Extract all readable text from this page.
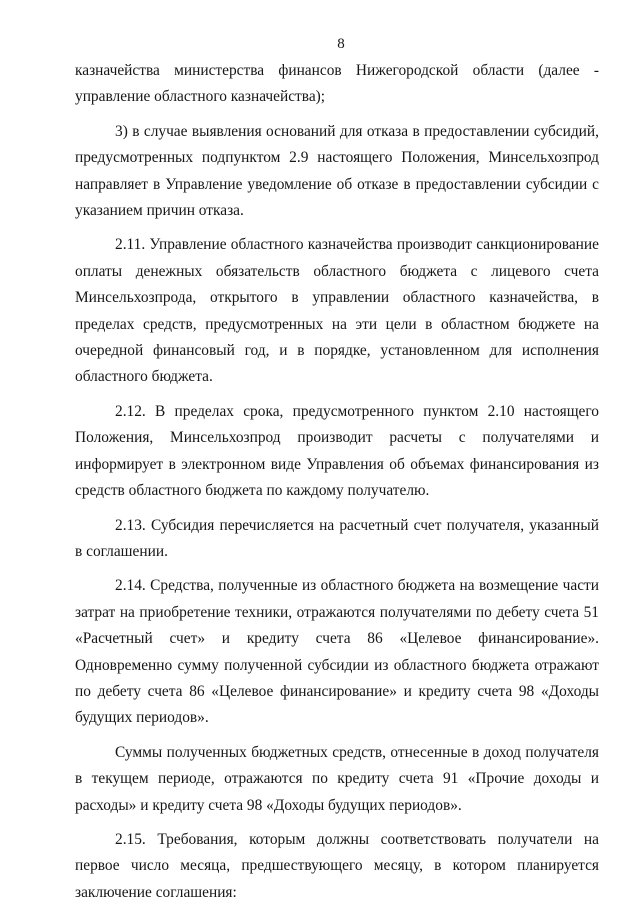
8

казначейства министерства финансов Нижегородской области (далее - управление областного казначейства);

3) в случае выявления оснований для отказа в предоставлении субсидий, предусмотренных подпунктом 2.9 настоящего Положения, Минсельхозпрод направляет в Управление уведомление об отказе в предоставлении субсидии с указанием причин отказа.

2.11. Управление областного казначейства производит санкционирование оплаты денежных обязательств областного бюджета с лицевого счета Минсельхозпрода, открытого в управлении областного казначейства, в пределах средств, предусмотренных на эти цели в областном бюджете на очередной финансовый год, и в порядке, установленном для исполнения областного бюджета.

2.12. В пределах срока, предусмотренного пунктом 2.10 настоящего Положения, Минсельхозпрод производит расчеты с получателями и информирует в электронном виде Управления об объемах финансирования из средств областного бюджета по каждому получателю.

2.13. Субсидия перечисляется на расчетный счет получателя, указанный в соглашении.

2.14. Средства, полученные из областного бюджета на возмещение части затрат на приобретение техники, отражаются получателями по дебету счета 51 «Расчетный счет» и кредиту счета 86 «Целевое финансирование». Одновременно сумму полученной субсидии из областного бюджета отражают по дебету счета 86 «Целевое финансирование» и кредиту счета 98 «Доходы будущих периодов».

Суммы полученных бюджетных средств, отнесенные в доход получателя в текущем периоде, отражаются по кредиту счета 91 «Прочие доходы и расходы» и кредиту счета 98 «Доходы будущих периодов».

2.15. Требования, которым должны соответствовать получатели на первое число месяца, предшествующего месяцу, в котором планируется заключение соглашения:
